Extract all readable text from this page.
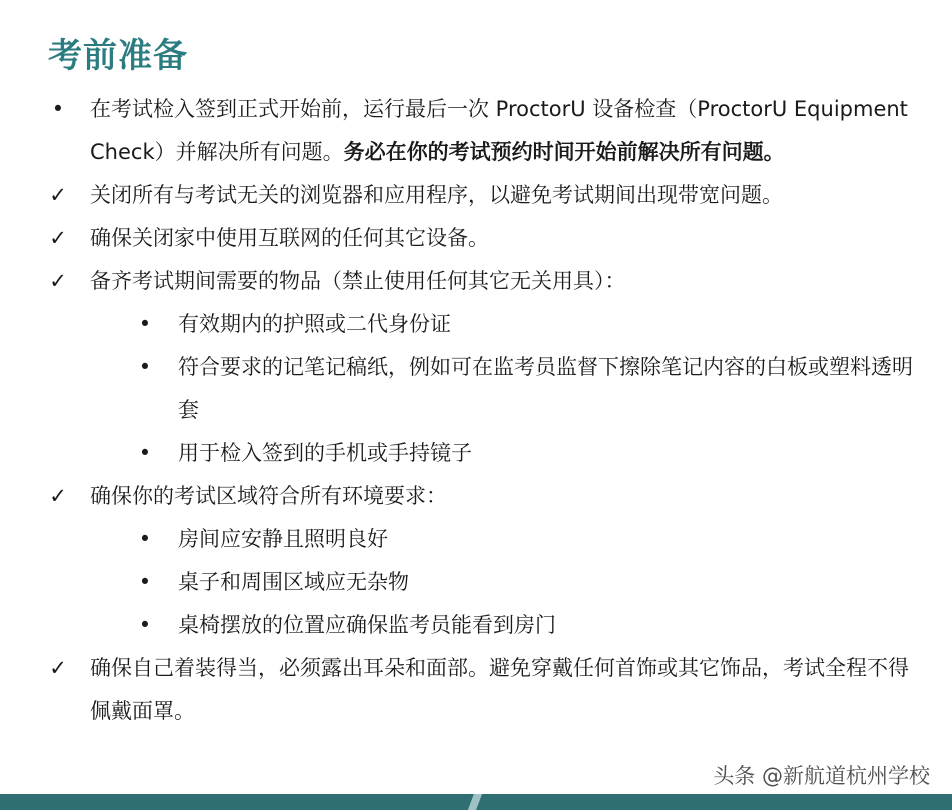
考前准备

• 在考试检入签到正式开始前，运行最后一次 ProctorU 设备检查（ProctorU Equipment Check）并解决所有问题。务必在你的考试预约时间开始前解决所有问题。

✓ 关闭所有与考试无关的浏览器和应用程序，以避免考试期间出现带宽问题。

✓ 确保关闭家中使用互联网的任何其它设备。

✓ 备齐考试期间需要的物品（禁止使用任何其它无关用具）：

• 有效期内的护照或二代身份证

• 符合要求的记笔记稿纸，例如可在监考员监督下擦除笔记内容的白板或塑料透明套

• 用于检入签到的手机或手持镜子

✓ 确保你的考试区域符合所有环境要求：

• 房间应安静且照明良好

• 桌子和周围区域应无杂物

• 桌椅摆放的位置应确保监考员能看到房门

✓ 确保自己着装得当，必须露出耳朵和面部。避免穿戴任何首饰或其它饰品，考试全程不得佩戴面罩。

头条 @新航道杭州学校
